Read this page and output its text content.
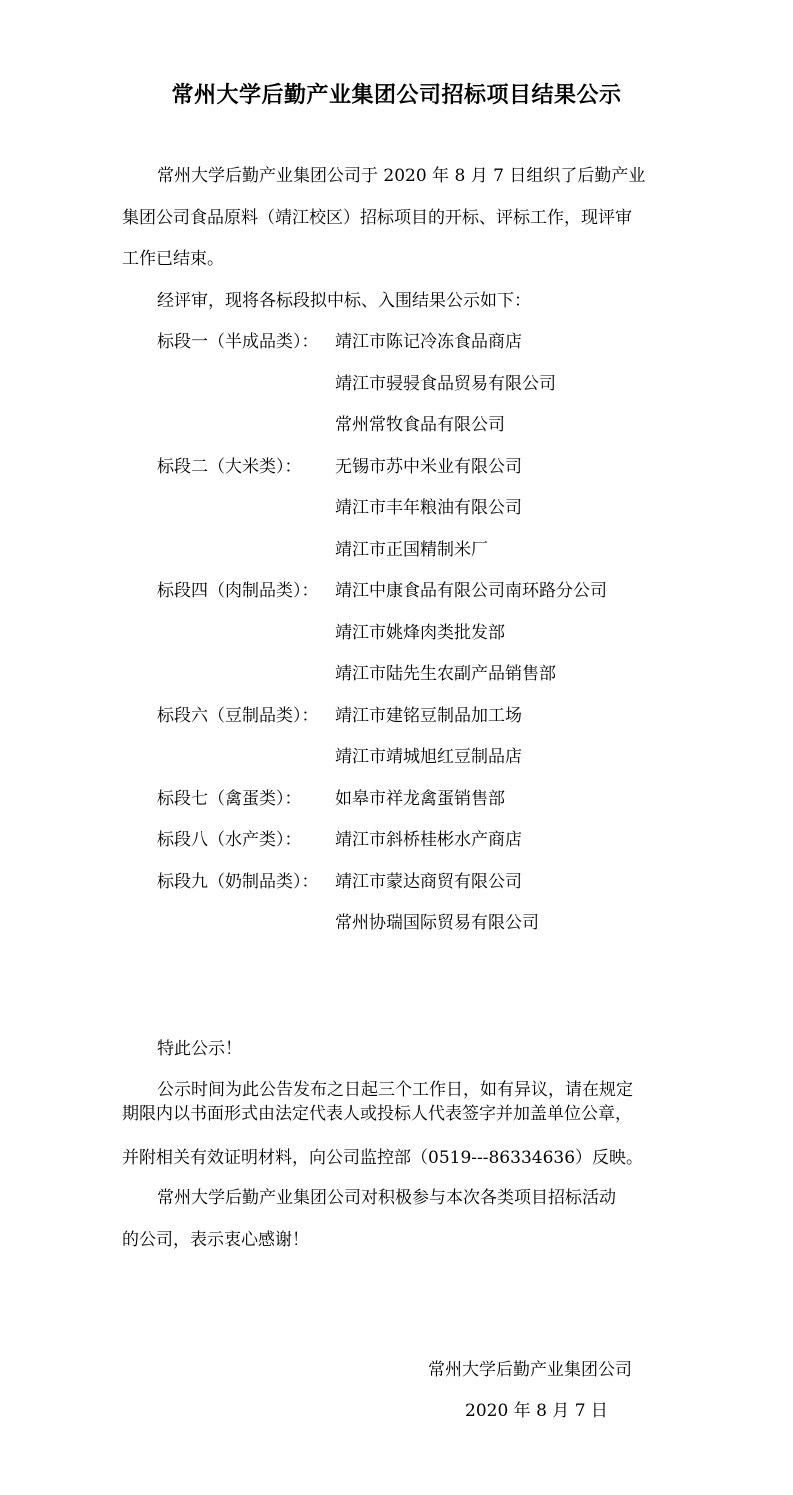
常州大学后勤产业集团公司招标项目结果公示
常州大学后勤产业集团公司于 2020 年 8 月 7 日组织了后勤产业
集团公司食品原料（靖江校区）招标项目的开标、评标工作，现评审
工作已结束。
经评审，现将各标段拟中标、入围结果公示如下：
标段一（半成品类）： 靖江市陈记冷冻食品商店
靖江市骎骎食品贸易有限公司
常州常牧食品有限公司
标段二（大米类）： 无锡市苏中米业有限公司
靖江市丰年粮油有限公司
靖江市正国精制米厂
标段四（肉制品类）： 靖江中康食品有限公司南环路分公司
靖江市姚烽肉类批发部
靖江市陆先生农副产品销售部
标段六（豆制品类）： 靖江市建铭豆制品加工场
靖江市靖城旭红豆制品店
标段七（禽蛋类）： 如皋市祥龙禽蛋销售部
标段八（水产类）： 靖江市斜桥桂彬水产商店
标段九（奶制品类）： 靖江市蒙达商贸有限公司
常州协瑞国际贸易有限公司
特此公示！
公示时间为此公告发布之日起三个工作日，如有异议，请在规定
期限内以书面形式由法定代表人或投标人代表签字并加盖单位公章，
并附相关有效证明材料，向公司监控部（0519---86334636）反映。
常州大学后勤产业集团公司对积极参与本次各类项目招标活动
的公司，表示衷心感谢！
常州大学后勤产业集团公司
2020 年 8 月 7 日
